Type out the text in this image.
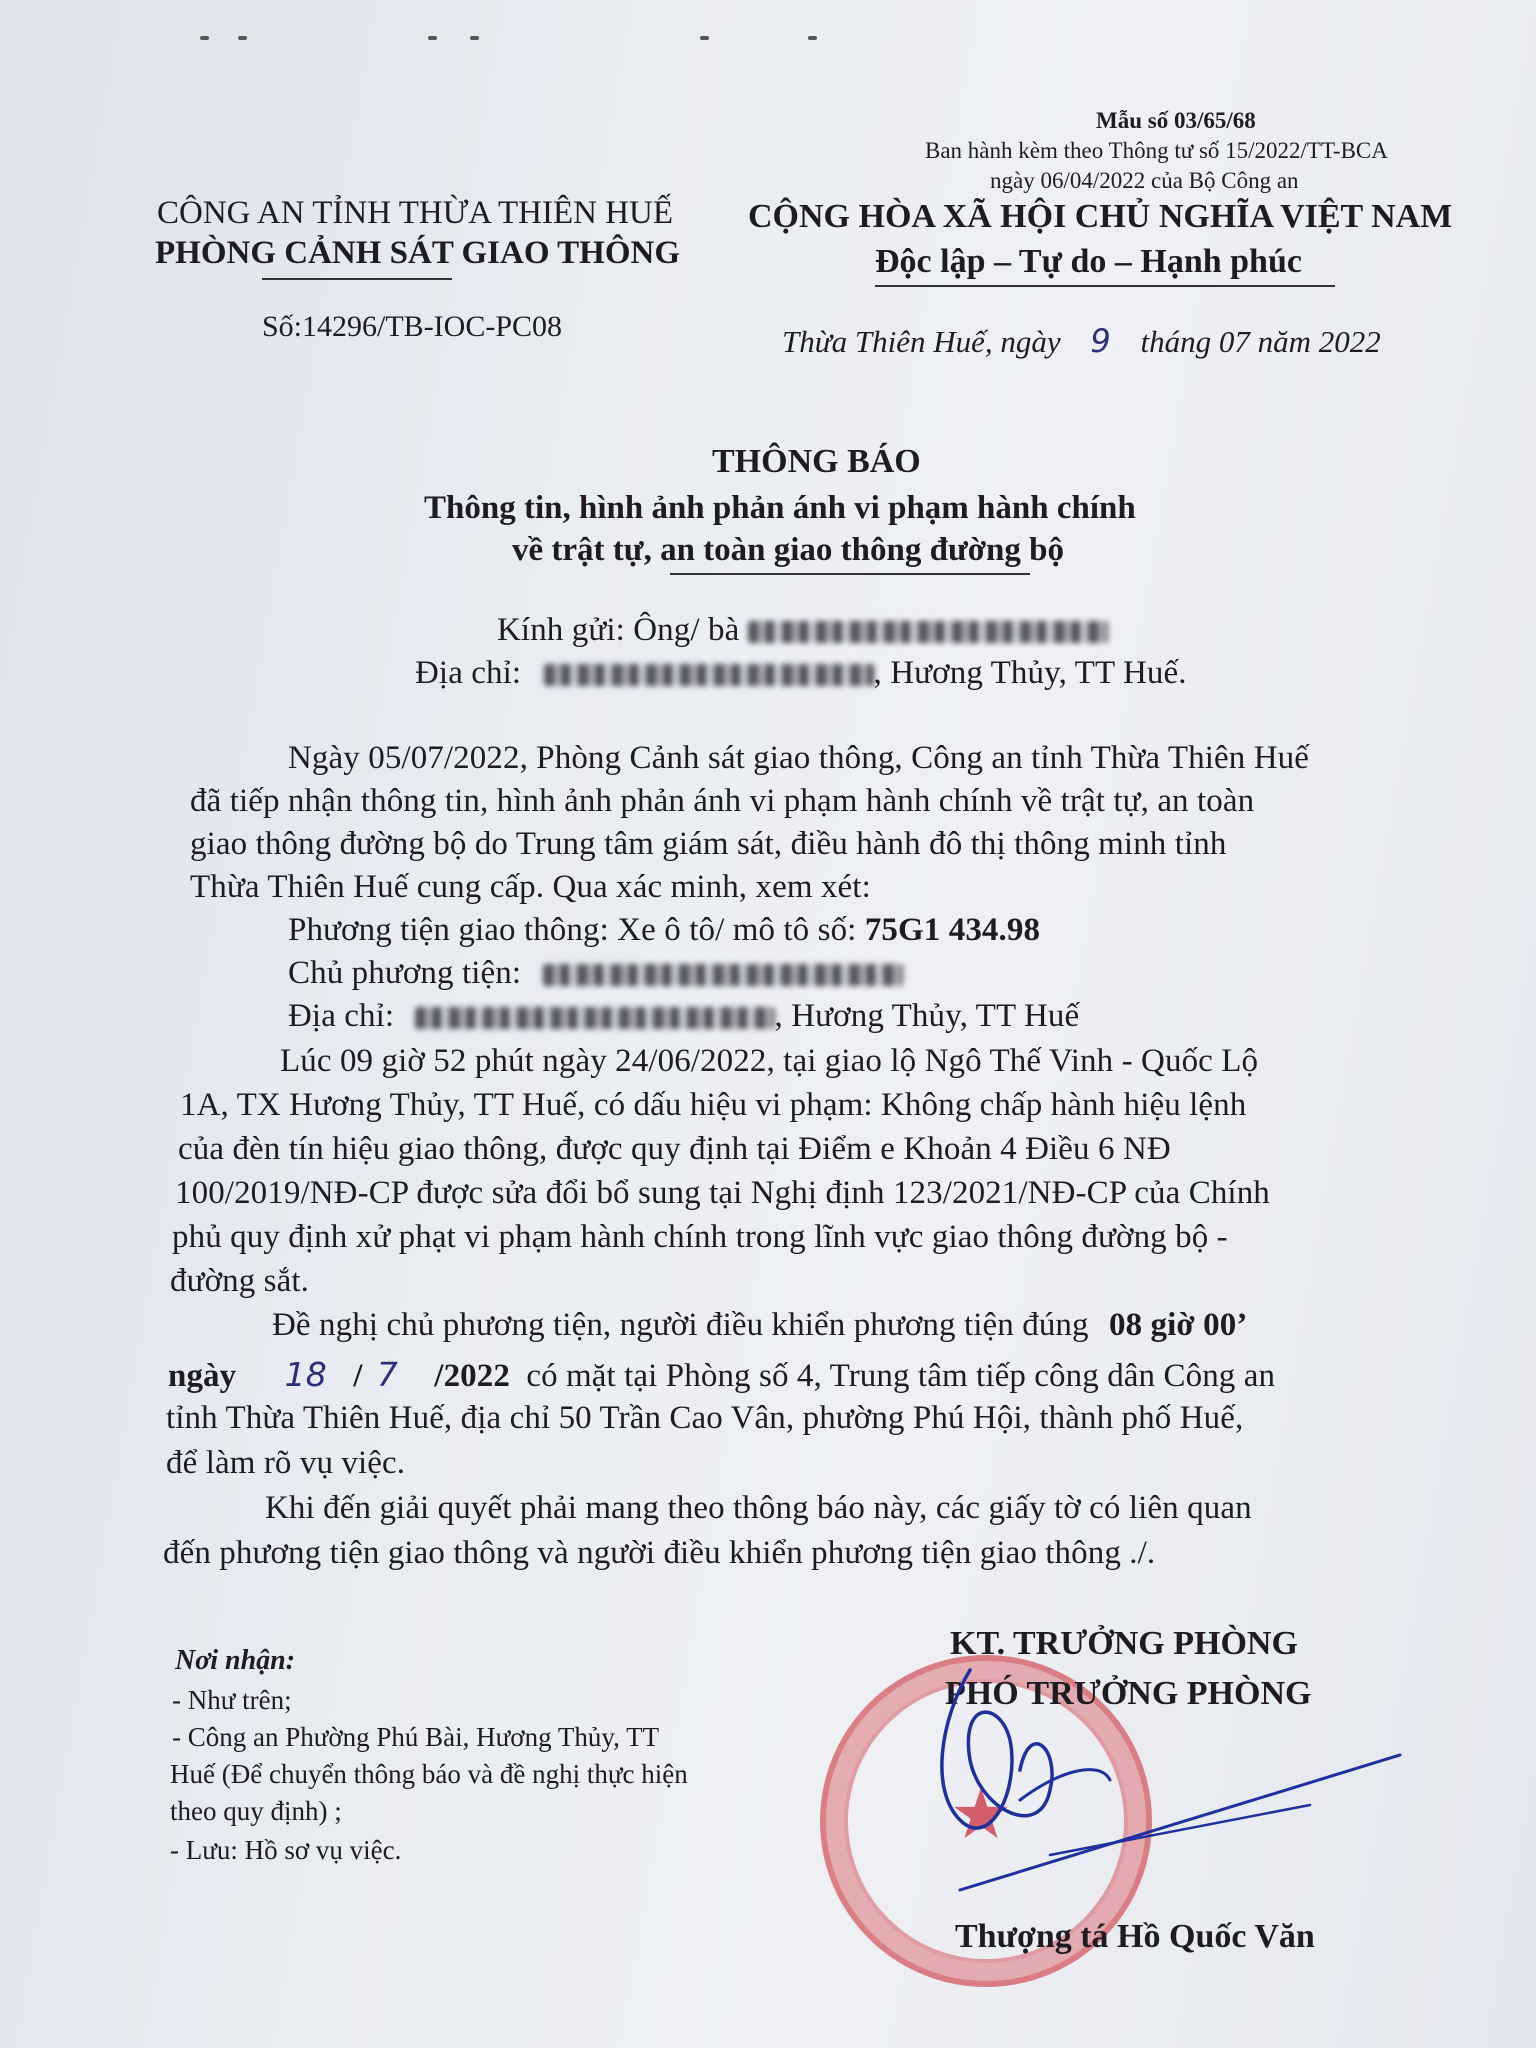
Mẫu số 03/65/68
Ban hành kèm theo Thông tư số 15/2022/TT-BCA
ngày 06/04/2022 của Bộ Công an
CÔNG AN TỈNH THỪA THIÊN HUẾ
PHÒNG CẢNH SÁT GIAO THÔNG
Số:14296/TB-IOC-PC08
CỘNG HÒA XÃ HỘI CHỦ NGHĨA VIỆT NAM
Độc lập – Tự do – Hạnh phúc
Thừa Thiên Huế, ngày 9 tháng 07 năm 2022
THÔNG BÁO
Thông tin, hình ảnh phản ánh vi phạm hành chính
về trật tự, an toàn giao thông đường bộ
Kính gửi: Ông/ bà
Địa chỉ:	, Hương Thủy, TT Huế.
Ngày 05/07/2022, Phòng Cảnh sát giao thông, Công an tỉnh Thừa Thiên Huế
đã tiếp nhận thông tin, hình ảnh phản ánh vi phạm hành chính về trật tự, an toàn
giao thông đường bộ do Trung tâm giám sát, điều hành đô thị thông minh tỉnh
Thừa Thiên Huế cung cấp. Qua xác minh, xem xét:
Phương tiện giao thông: Xe ô tô/ mô tô số: 75G1 434.98
Chủ phương tiện:
Địa chỉ:	, Hương Thủy, TT Huế
Lúc 09 giờ 52 phút ngày 24/06/2022, tại giao lộ Ngô Thế Vinh - Quốc Lộ
1A, TX Hương Thủy, TT Huế, có dấu hiệu vi phạm: Không chấp hành hiệu lệnh
của đèn tín hiệu giao thông, được quy định tại Điểm e Khoản 4 Điều 6 NĐ
100/2019/NĐ-CP được sửa đổi bổ sung tại Nghị định 123/2021/NĐ-CP của Chính
phủ quy định xử phạt vi phạm hành chính trong lĩnh vực giao thông đường bộ -
đường sắt.
Đề nghị chủ phương tiện, người điều khiển phương tiện đúng 08 giờ 00’
ngày 18 / 7 /2022 có mặt tại Phòng số 4, Trung tâm tiếp công dân Công an
tỉnh Thừa Thiên Huế, địa chỉ 50 Trần Cao Vân, phường Phú Hội, thành phố Huế,
để làm rõ vụ việc.
Khi đến giải quyết phải mang theo thông báo này, các giấy tờ có liên quan
đến phương tiện giao thông và người điều khiển phương tiện giao thông ./.
Nơi nhận:
- Như trên;
- Công an Phường Phú Bài, Hương Thủy, TT
Huế (Để chuyển thông báo và đề nghị thực hiện
theo quy định) ;
- Lưu: Hồ sơ vụ việc.	★
KT. TRƯỞNG PHÒNG
PHÓ TRƯỞNG PHÒNG
Thượng tá Hồ Quốc Văn
